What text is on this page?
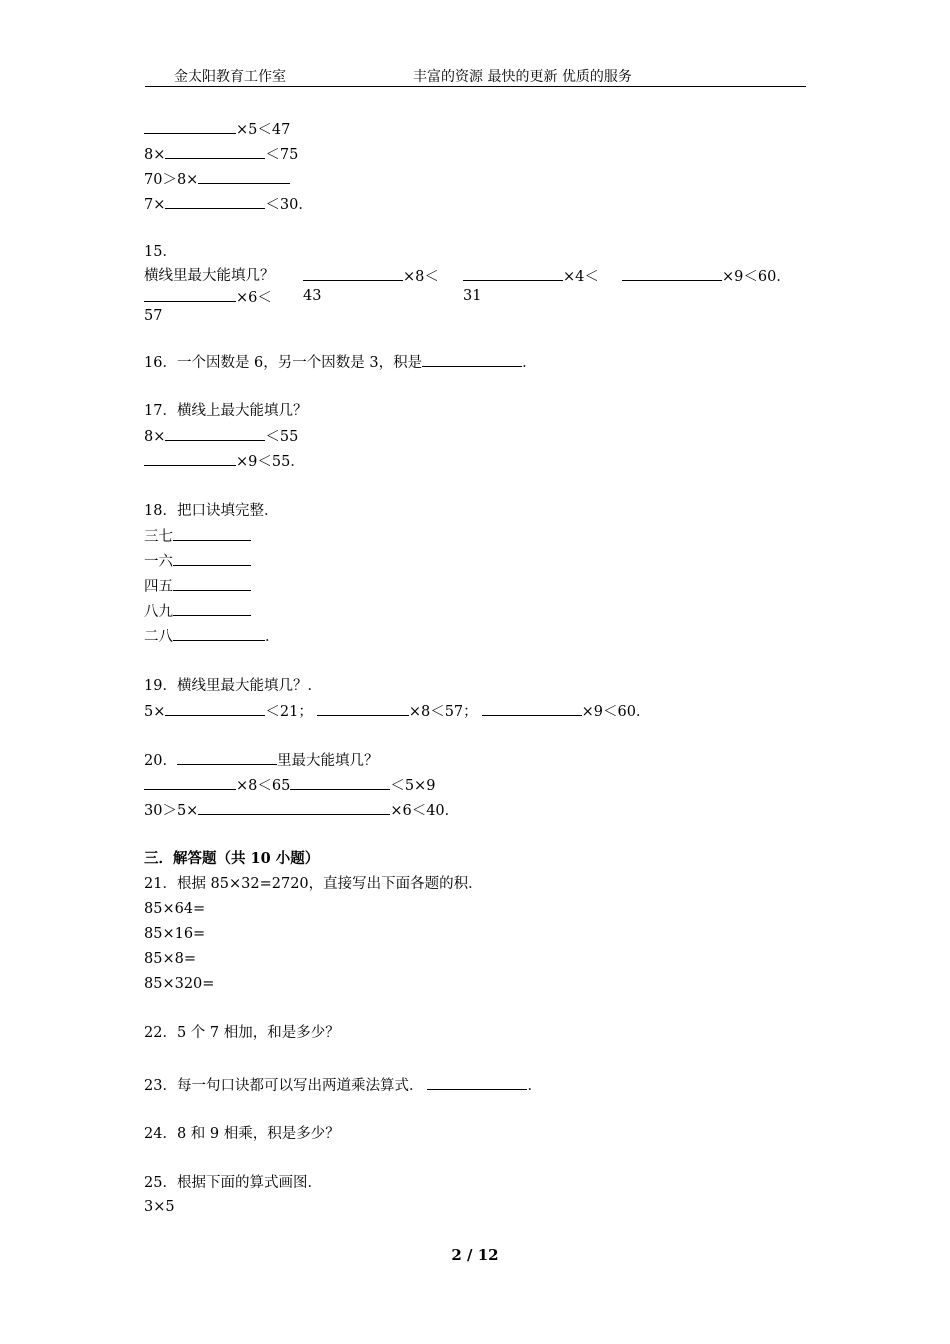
金太阳教育工作室	丰富的资源 最快的更新 优质的服务
×5＜47
8×	＜75
70＞8×
7×	＜30．
15．
横线里最大能填几？	×8＜
43
×4＜
31
×9＜60．
×6＜
57
16．一个因数是 6，另一个因数是 3，积是	．
17．横线上最大能填几？
8×	＜55
×9＜55．
18．把口诀填完整．
三七
一六
四五
八九
二八	．
19．横线里最大能填几？．
5×	＜21；	×8＜57；	×9＜60．
20．	里最大能填几？
×8＜65	＜5×9
30＞5×	×6＜40．
三．解答题（共 10 小题）
21．根据 85×32=2720，直接写出下面各题的积．
85×64=
85×16=
85×8=
85×320=
22．5 个 7 相加，和是多少？
23．每一句口诀都可以写出两道乘法算式．	．
24．8 和 9 相乘，积是多少？
25．根据下面的算式画图．
3×5
2 / 12
